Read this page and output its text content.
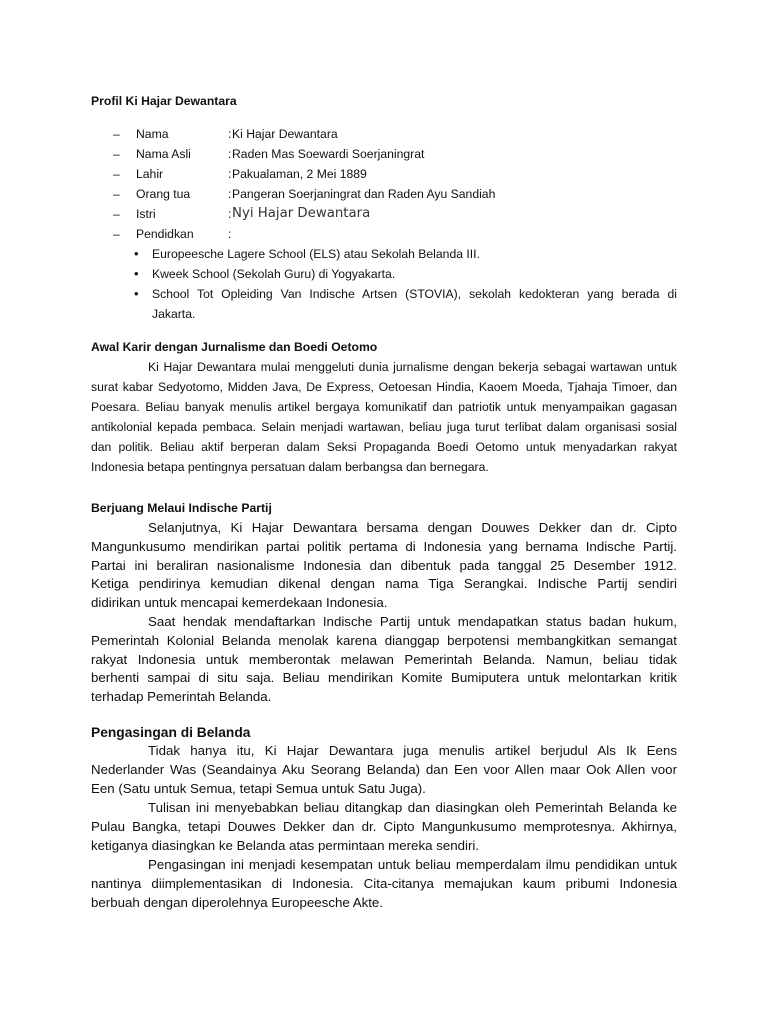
Profil Ki Hajar Dewantara
– Nama	: Ki Hajar Dewantara
– Nama Asli	: Raden Mas Soewardi Soerjaningrat
– Lahir	: Pakualaman, 2 Mei 1889
– Orang tua	: Pangeran Soerjaningrat dan Raden Ayu Sandiah
– Istri	: Nyi Hajar Dewantara
– Pendidkan	:
• Europeesche Lagere School (ELS) atau Sekolah Belanda III.
• Kweek School (Sekolah Guru) di Yogyakarta.
• School Tot Opleiding Van Indische Artsen (STOVIA), sekolah kedokteran yang berada di
Jakarta.
Awal Karir dengan Jurnalisme dan Boedi Oetomo

Ki Hajar Dewantara mulai menggeluti dunia jurnalisme dengan bekerja sebagai wartawan untuk
surat kabar Sedyotomo, Midden Java, De Express, Oetoesan Hindia, Kaoem Moeda, Tjahaja Timoer, dan
Poesara. Beliau banyak menulis artikel bergaya komunikatif dan patriotik untuk menyampaikan gagasan
antikolonial kepada pembaca. Selain menjadi wartawan, beliau juga turut terlibat dalam organisasi sosial
dan politik. Beliau aktif berperan dalam Seksi Propaganda Boedi Oetomo untuk menyadarkan rakyat
Indonesia betapa pentingnya persatuan dalam berbangsa dan bernegara.

Berjuang Melaui Indische Partij

Selanjutnya, Ki Hajar Dewantara bersama dengan Douwes Dekker dan dr. Cipto
Mangunkusumo mendirikan partai politik pertama di Indonesia yang bernama Indische Partij.
Partai ini beraliran nasionalisme Indonesia dan dibentuk pada tanggal 25 Desember 1912.
Ketiga pendirinya kemudian dikenal dengan nama Tiga Serangkai. Indische Partij sendiri
didirikan untuk mencapai kemerdekaan Indonesia.

Saat hendak mendaftarkan Indische Partij untuk mendapatkan status badan hukum,
Pemerintah Kolonial Belanda menolak karena dianggap berpotensi membangkitkan semangat
rakyat Indonesia untuk memberontak melawan Pemerintah Belanda. Namun, beliau tidak
berhenti sampai di situ saja. Beliau mendirikan Komite Bumiputera untuk melontarkan kritik
terhadap Pemerintah Belanda.

Pengasingan di Belanda

Tidak hanya itu, Ki Hajar Dewantara juga menulis artikel berjudul Als Ik Eens
Nederlander Was (Seandainya Aku Seorang Belanda) dan Een voor Allen maar Ook Allen voor
Een (Satu untuk Semua, tetapi Semua untuk Satu Juga).

Tulisan ini menyebabkan beliau ditangkap dan diasingkan oleh Pemerintah Belanda ke
Pulau Bangka, tetapi Douwes Dekker dan dr. Cipto Mangunkusumo memprotesnya. Akhirnya,
ketiganya diasingkan ke Belanda atas permintaan mereka sendiri.

Pengasingan ini menjadi kesempatan untuk beliau memperdalam ilmu pendidikan untuk
nantinya diimplementasikan di Indonesia. Cita-citanya memajukan kaum pribumi Indonesia
berbuah dengan diperolehnya Europeesche Akte.
